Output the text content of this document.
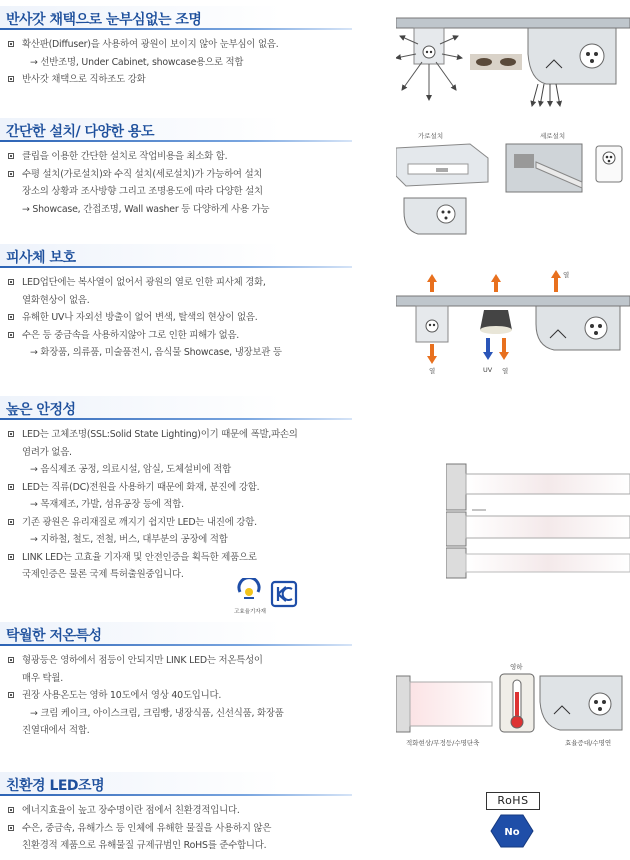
반사갓 채택으로 눈부심없는 조명
확산판(Diffuser)을 사용하여 광원이 보이지 않아 눈부심이 없음.
→ 선반조명, Under Cabinet, showcase용으로 적합
반사갓 채택으로 직하조도 강화
간단한 설치/ 다양한 용도
클립을 이용한 간단한 설치로 작업비용을 최소화 함.
수평 설치(가로설치)와 수직 설치(세로설치)가 가능하여 설치
장소의 상황과 조사방향 그리고 조명용도에 따라 다양한 설치
→ Showcase, 간접조명, Wall washer 등 다양하게 사용 가능
피사체 보호
LED업단에는 복사열이 없어서 광원의 열로 인한 피사체 경화,
열화현상이 없음.
유해한 UV나 자외선 방출이 없어 변색, 탈색의 현상이 없음.
수은 등 중금속을 사용하지않아 그로 인한 피해가 없음.
→ 화장품, 의류품, 미술품전시, 음식물 Showcase, 냉장보관 등
높은 안정성
LED는 고체조명(SSL:Solid State Lighting)이기 때문에 폭발,파손의
염려가 없음.
→ 음식제조 공정, 의료시설, 암실, 도체설비에 적합
LED는 직류(DC)전원을 사용하기 때문에 화재, 분진에 강함.
→ 목재제조, 가발, 섬유공장 등에 적합.
기존 광원은 유리재질로 깨지기 쉽지만 LED는 내진에 강함.
→ 지하철, 철도, 전철, 버스, 대부분의 공장에 적합
LINK LED는 고효율 기자재 및 안전인증을 획득한 제품으로
국제인증은 물론 국제 특허출원중입니다.
고효율기자재
탁월한 저온특성
형광등은 영하에서 점등이 안되지만 LINK LED는 저온특성이
매우 탁월.
권장 사용온도는 영하 10도에서 영상 40도입니다.
→ 크림 케이크, 아이스크림, 크림빵, 냉장식품, 신선식품, 화장품
진열대에서 적합.
친환경 LED조명
에너지효율이 높고 장수명이란 점에서 친환경적입니다.
수은, 중금속, 유해가스 등 인체에 유해한 물질을 사용하지 않은
친환경적 제품으로 유해물질 규제규범인 RoHS를 준수합니다.
가로설치	세로설치
열
열	UV 열
영하
적화현상/무정등/수명단축	효율증대/수명연
RoHS
No
